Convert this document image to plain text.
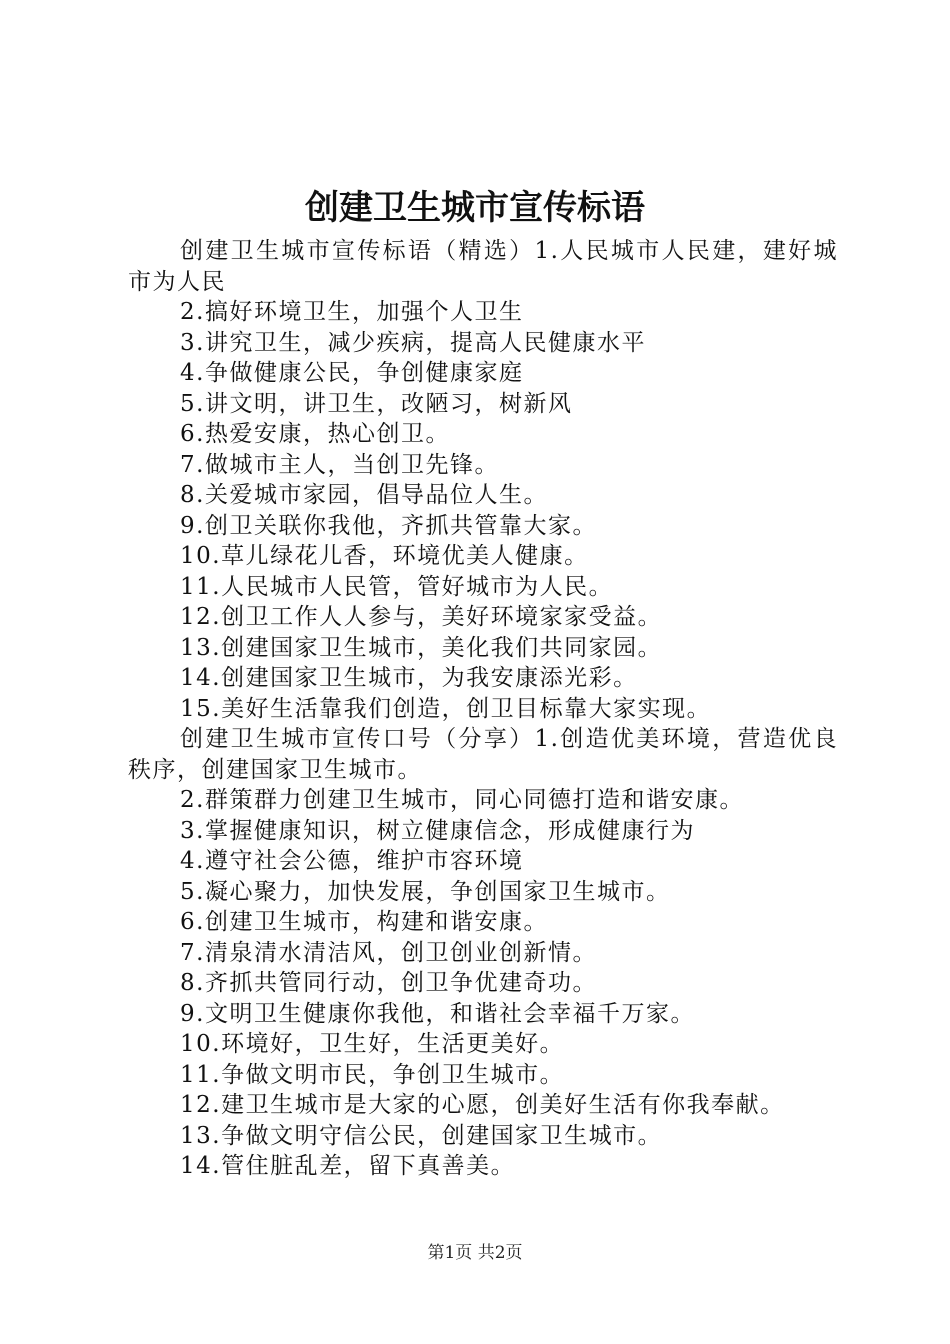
创建卫生城市宣传标语

创建卫生城市宣传标语（精选）1.人民城市人民建，建好城市为人民

2.搞好环境卫生，加强个人卫生

3.讲究卫生，减少疾病，提高人民健康水平

4.争做健康公民，争创健康家庭

5.讲文明，讲卫生，改陋习，树新风

6.热爱安康，热心创卫。

7.做城市主人，当创卫先锋。

8.关爱城市家园，倡导品位人生。

9.创卫关联你我他，齐抓共管靠大家。

10.草儿绿花儿香，环境优美人健康。

11.人民城市人民管，管好城市为人民。

12.创卫工作人人参与，美好环境家家受益。

13.创建国家卫生城市，美化我们共同家园。

14.创建国家卫生城市，为我安康添光彩。

15.美好生活靠我们创造，创卫目标靠大家实现。

创建卫生城市宣传口号（分享）1.创造优美环境，营造优良秩序，创建国家卫生城市。

2.群策群力创建卫生城市，同心同德打造和谐安康。

3.掌握健康知识，树立健康信念，形成健康行为

4.遵守社会公德，维护市容环境

5.凝心聚力，加快发展，争创国家卫生城市。

6.创建卫生城市，构建和谐安康。

7.清泉清水清洁风，创卫创业创新情。

8.齐抓共管同行动，创卫争优建奇功。

9.文明卫生健康你我他，和谐社会幸福千万家。

10.环境好，卫生好，生活更美好。

11.争做文明市民，争创卫生城市。

12.建卫生城市是大家的心愿，创美好生活有你我奉献。

13.争做文明守信公民，创建国家卫生城市。

14.管住脏乱差，留下真善美。

第1页 共2页
